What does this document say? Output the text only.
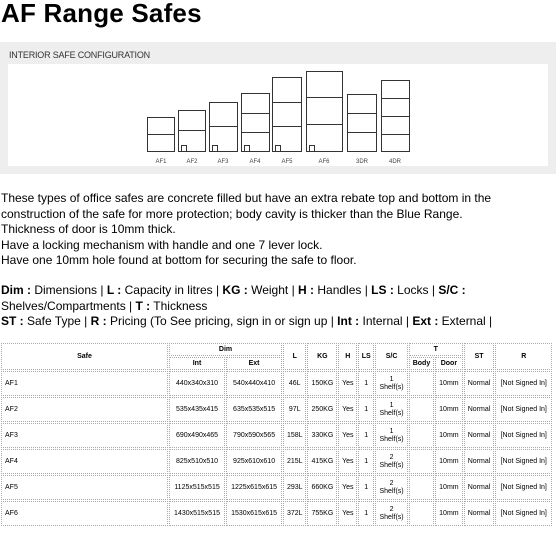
AF Range Safes
INTERIOR SAFE CONFIGURATION
AF1	AF2	AF3	AF4	AF5	AF6	3DR	4DR

These types of office safes are concrete filled but have an extra rebate top and bottom in the construction of the safe for more protection; body cavity is thicker than the Blue Range.

Thickness of door is 10mm thick.

Have a locking mechanism with handle and one 7 lever lock.

Have one 10mm hole found at bottom for securing the safe to floor.

Dim : Dimensions | L : Capacity in litres | KG : Weight | H : Handles | LS : Locks | S/C : Shelves/Compartments | T : Thickness

ST : Safe Type | R : Pricing (To See pricing, sign in or sign up | Int : Internal | Ext : External |

Safe	Dim		L	KG	H	LS	S/C	T		ST	R
	Int	Ext						Body	Door		
AF1	440x340x310	540x440x410	46L	150KG	Yes	1	1
Shelf(s)		10mm	Normal	[Not Signed In]
AF2	535x435x415	635x535x515	97L	250KG	Yes	1	1
Shelf(s)		10mm	Normal	[Not Signed In]
AF3	690x490x465	790x590x565	158L	330KG	Yes	1	1
Shelf(s)		10mm	Normal	[Not Signed In]
AF4	825x510x510	925x610x610	215L	415KG	Yes	1	2
Shelf(s)		10mm	Normal	[Not Signed In]
AF5	1125x515x515	1225x615x615	293L	660KG	Yes	1	2
Shelf(s)		10mm	Normal	[Not Signed In]
AF6	1430x515x515	1530x615x615	372L	755KG	Yes	1	2
Shelf(s)		10mm	Normal	[Not Signed In]
